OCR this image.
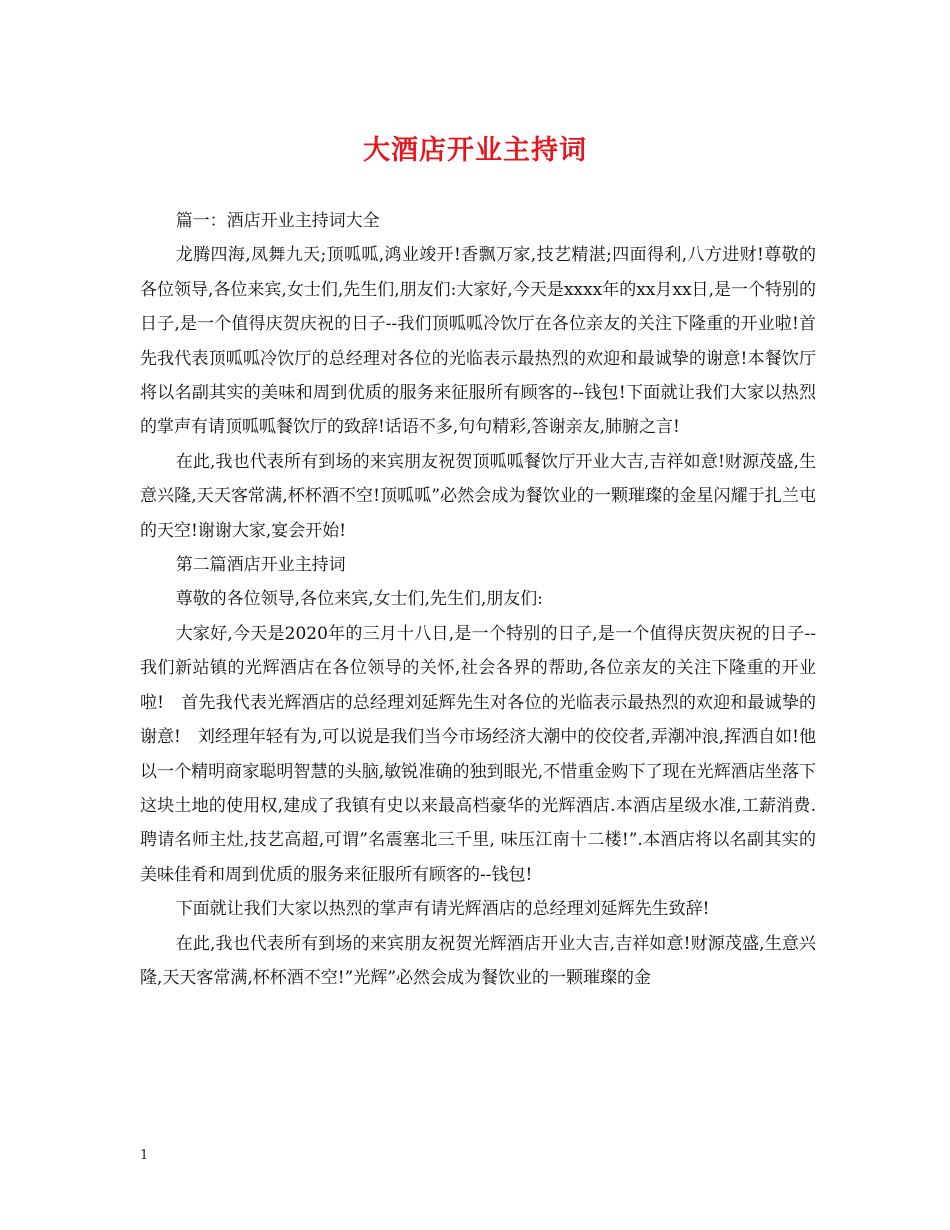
大酒店开业主持词

篇一：酒店开业主持词大全

龙腾四海,凤舞九天;顶呱呱,鸿业竣开!香飘万家,技艺精湛;四面得利,八方进财!尊敬的各位领导,各位来宾,女士们,先生们,朋友们:大家好,今天是xxxx年的xx月xx日,是一个特别的日子,是一个值得庆贺庆祝的日子--我们顶呱呱冷饮厅在各位亲友的关注下隆重的开业啦!首先我代表顶呱呱冷饮厅的总经理对各位的光临表示最热烈的欢迎和最诚挚的谢意!本餐饮厅将以名副其实的美味和周到优质的服务来征服所有顾客的--钱包!下面就让我们大家以热烈的掌声有请顶呱呱餐饮厅的致辞!话语不多,句句精彩,答谢亲友,肺腑之言!

在此,我也代表所有到场的来宾朋友祝贺顶呱呱餐饮厅开业大吉,吉祥如意!财源茂盛,生意兴隆,天天客常满,杯杯酒不空!顶呱呱”必然会成为餐饮业的一颗璀璨的金星闪耀于扎兰屯的天空!谢谢大家,宴会开始!

第二篇酒店开业主持词

尊敬的各位领导,各位来宾,女士们,先生们,朋友们:

大家好,今天是2020年的三月十八日,是一个特别的日子,是一个值得庆贺庆祝的日子--我们新站镇的光辉酒店在各位领导的关怀,社会各界的帮助,各位亲友的关注下隆重的开业啦!　首先我代表光辉酒店的总经理刘延辉先生对各位的光临表示最热烈的欢迎和最诚挚的谢意!　刘经理年轻有为,可以说是我们当今市场经济大潮中的佼佼者,弄潮冲浪,挥洒自如!他以一个精明商家聪明智慧的头脑,敏锐准确的独到眼光,不惜重金购下了现在光辉酒店坐落下这块土地的使用权,建成了我镇有史以来最高档豪华的光辉酒店.本酒店星级水准,工薪消费.聘请名师主灶,技艺高超,可谓”名震塞北三千里, 味压江南十二楼!”.本酒店将以名副其实的美味佳肴和周到优质的服务来征服所有顾客的--钱包!

下面就让我们大家以热烈的掌声有请光辉酒店的总经理刘延辉先生致辞!

在此,我也代表所有到场的来宾朋友祝贺光辉酒店开业大吉,吉祥如意!财源茂盛,生意兴隆,天天客常满,杯杯酒不空!”光辉”必然会成为餐饮业的一颗璀璨的金

1
